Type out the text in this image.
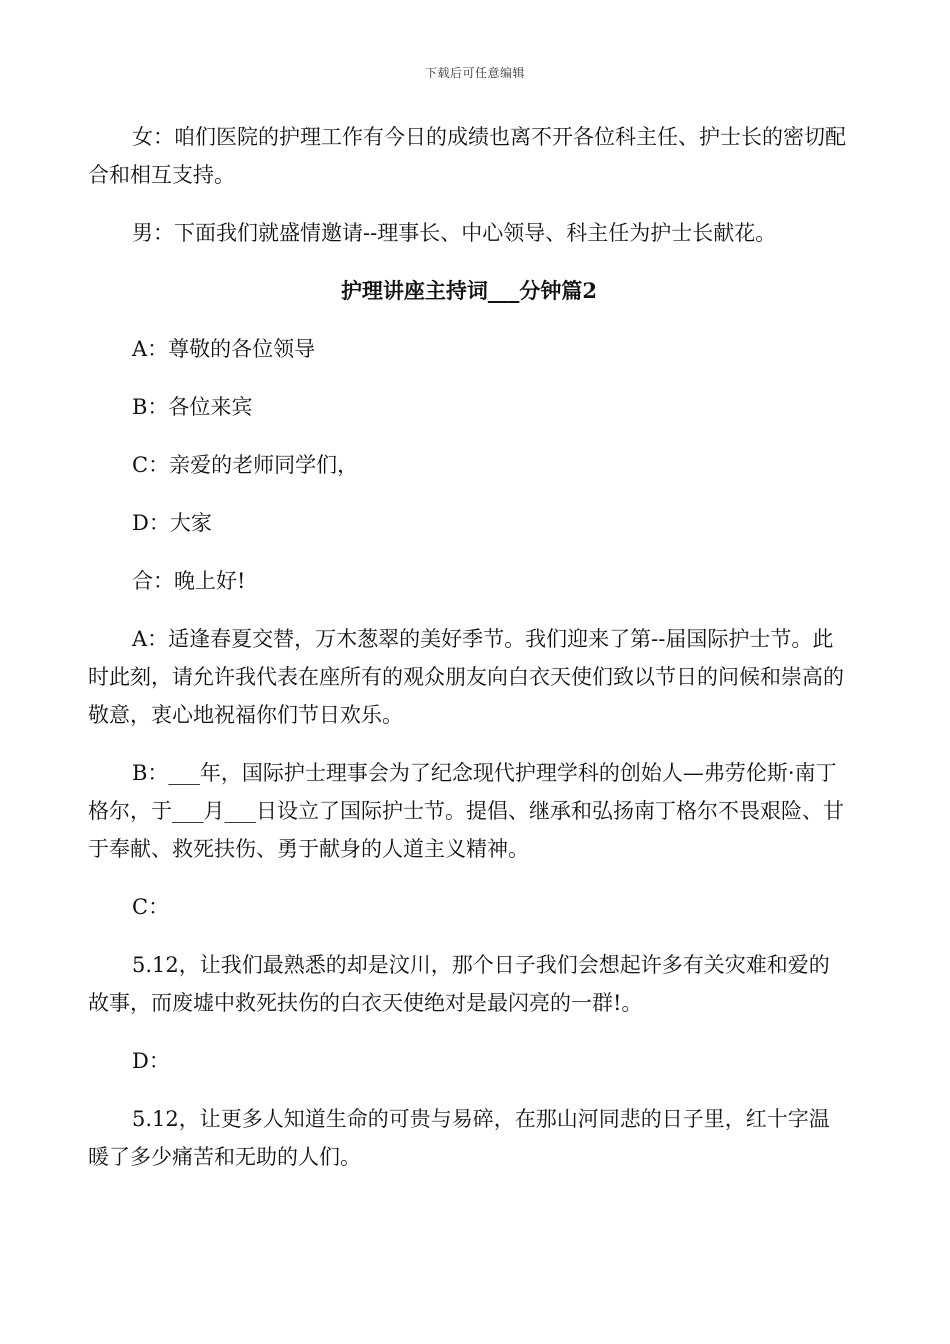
下载后可任意编辑

女：咱们医院的护理工作有今日的成绩也离不开各位科主任、护士长的密切配合和相互支持。

男：下面我们就盛情邀请--理事长、中心领导、科主任为护士长献花。

护理讲座主持词___分钟篇2

A：尊敬的各位领导

B：各位来宾

C：亲爱的老师同学们，

D：大家

合：晚上好!

A：适逢春夏交替，万木葱翠的美好季节。我们迎来了第--届国际护士节。此时此刻，请允许我代表在座所有的观众朋友向白衣天使们致以节日的问候和崇高的敬意，衷心地祝福你们节日欢乐。

B：___年，国际护士理事会为了纪念现代护理学科的创始人—弗劳伦斯·南丁格尔，于___月___日设立了国际护士节。提倡、继承和弘扬南丁格尔不畏艰险、甘于奉献、救死扶伤、勇于献身的人道主义精神。

C：

5.12，让我们最熟悉的却是汶川，那个日子我们会想起许多有关灾难和爱的故事，而废墟中救死扶伤的白衣天使绝对是最闪亮的一群!。

D：

5.12，让更多人知道生命的可贵与易碎，在那山河同悲的日子里，红十字温暖了多少痛苦和无助的人们。
